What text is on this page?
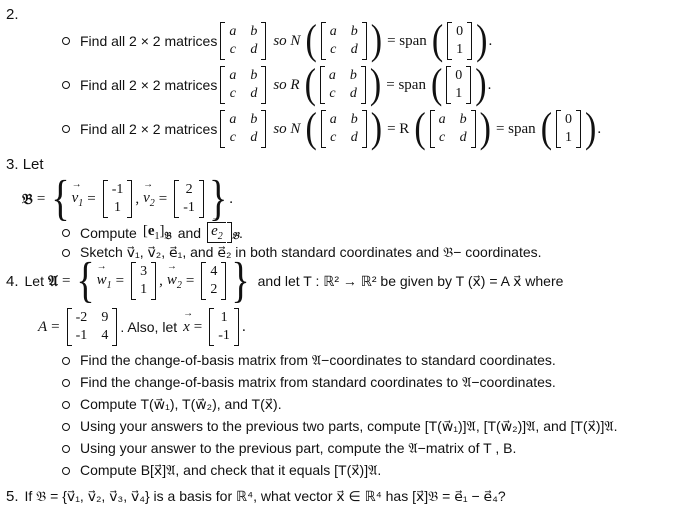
2.
Find all 2 × 2 matrices
a b
c d
so N ( a b
c d ) = span ( 0
1 ) .
Find all 2 × 2 matrices
a b
c d
so R ( a b
c d ) = span ( 0
1 ) .
Find all 2 × 2 matrices
a b
c d
so N ( a b
c d ) = R ( a b
c d ) = span ( 0
1 ) .
3. Let
𝔅 = { → $v_1$ =
-1
1
, → $v_2$ =
2
-1 } .
Compute $[e_1]_𝔅$ and → $e_2$ $_𝔅$ .
Sketch v⃗₁, v⃗₂, e⃗₁, and e⃗₂ in both standard coordinates and 𝔅− coordinates.
4. Let 𝔄 = { → $w_1$ =
3
1
, → $w_2$ =
4
2 } and let T : ℝ² → ℝ² be given by T (x⃗) = A x⃗ where
A =
-2 9
-1 4
. Also, let → x =
1
-1
.
Find the change-of-basis matrix from 𝔄−coordinates to standard coordinates.
Find the change-of-basis matrix from standard coordinates to 𝔄−coordinates.
Compute T(w⃗₁), T(w⃗₂), and T(x⃗).
Using your answers to the previous two parts, compute [T(w⃗₁)]𝔄, [T(w⃗₂)]𝔄, and [T(x⃗)]𝔄.
Using your answer to the previous part, compute the 𝔄−matrix of T , B.
Compute B[x⃗]𝔄, and check that it equals [T(x⃗)]𝔄.
5. If 𝔅 = {v⃗₁, v⃗₂, v⃗₃, v⃗₄} is a basis for ℝ⁴, what vector x⃗ ∈ ℝ⁴ has [x⃗]𝔅 = e⃗₁ − e⃗₄?
